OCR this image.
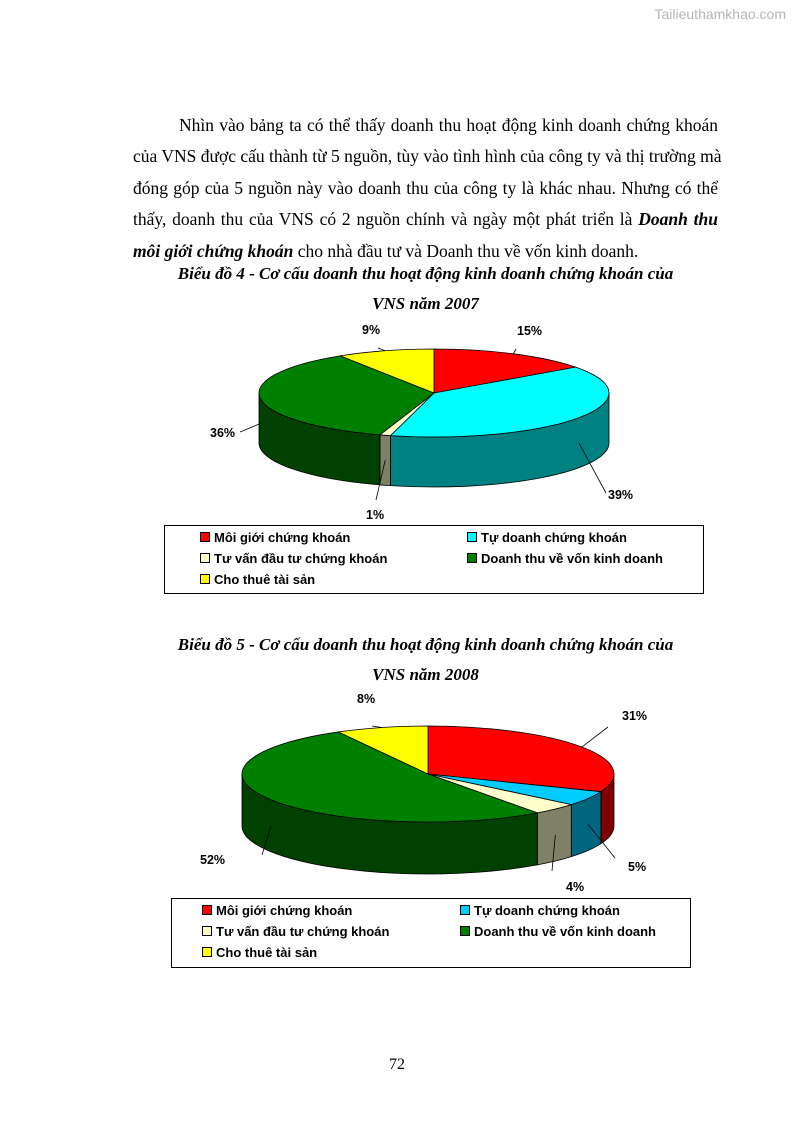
Tailieuthamkhao.com
Nhìn vào bảng ta có thể thấy doanh thu hoạt động kinh doanh chứng khoán
của VNS được cấu thành từ 5 nguồn, tùy vào tình hình của công ty và thị trường mà
đóng góp của 5 nguồn này vào doanh thu của công ty là khác nhau. Nhưng có thể
thấy, doanh thu của VNS có 2 nguồn chính và ngày một phát triển là Doanh thu
môi giới chứng khoán cho nhà đầu tư và Doanh thu về vốn kinh doanh.
Biểu đồ 4 - Cơ cấu doanh thu hoạt động kinh doanh chứng khoán của
VNS năm 2007
15%
39%
1%
36%
9%
31%
5%
4%
52%
8%
Môi giới chứng khoán	Tự doanh chứng khoán
Tư vấn đầu tư chứng khoán	Doanh thu về vốn kinh doanh
Cho thuê tài sản
Biểu đồ 5 - Cơ cấu doanh thu hoạt động kinh doanh chứng khoán của
VNS năm 2008
Môi giới chứng khoán	Tự doanh chứng khoán
Tư vấn đầu tư chứng khoán	Doanh thu về vốn kinh doanh
Cho thuê tài sản
72
